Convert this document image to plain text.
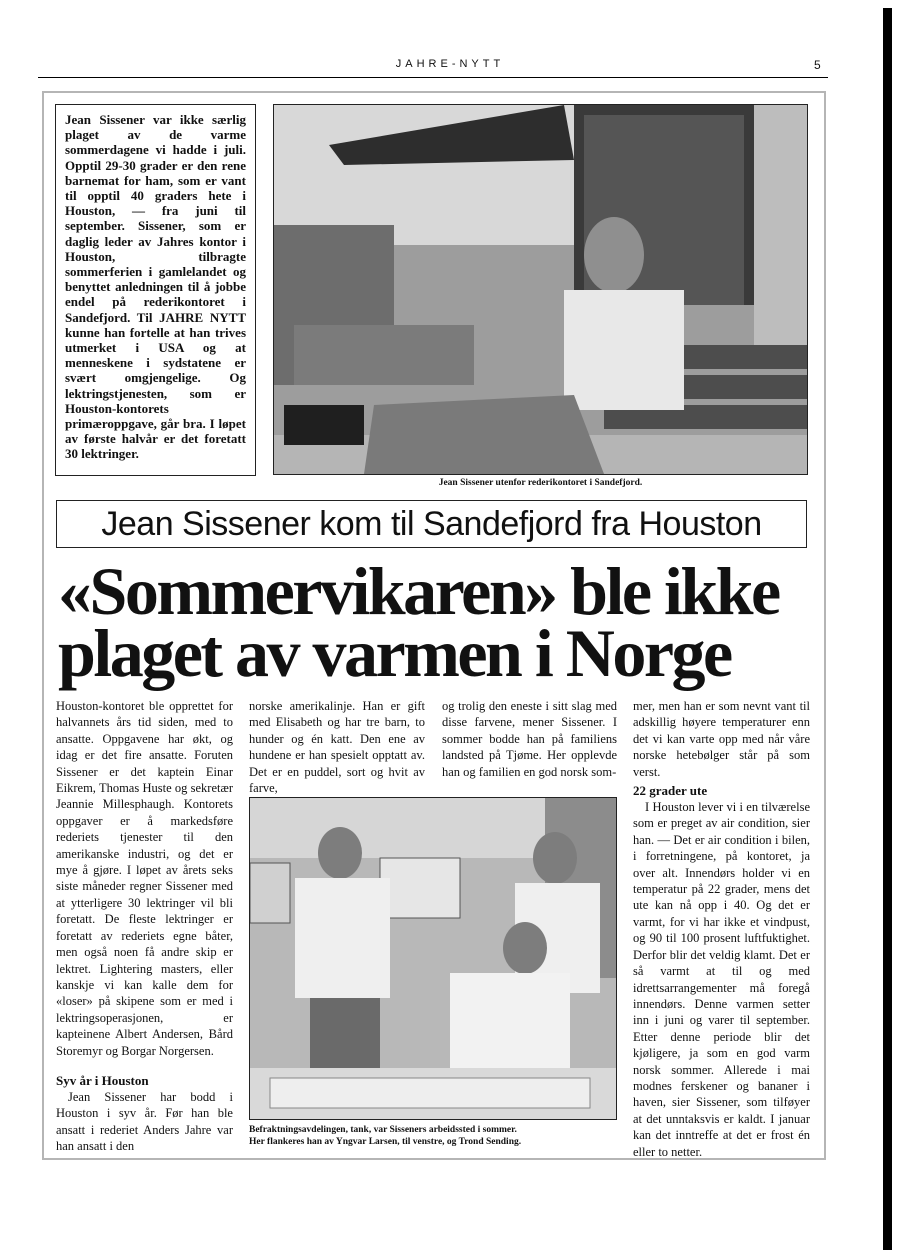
JAHRE-NYTT	5
Jean Sissener var ikke særlig plaget av de varme sommerdagene vi hadde i juli. Opptil 29-30 grader er den rene barnemat for ham, som er vant til opptil 40 graders hete i Houston, — fra juni til september. Sissener, som er daglig leder av Jahres kontor i Houston, tilbragte sommerferien i gamlelandet og benyttet anledningen til å jobbe endel på rederikontoret i Sandefjord. Til JAHRE NYTT kunne han fortelle at han trives utmerket i USA og at menneskene i sydstatene er svært omgjengelige. Og lektringstjenesten, som er Houston-kontorets primæroppgave, går bra. I løpet av første halvår er det foretatt 30 lektringer.
Jean Sissener utenfor rederikontoret i Sandefjord.
Jean Sissener kom til Sandefjord fra Houston
«Sommervikaren» ble ikke
plaget av varmen i Norge

Houston-kontoret ble opprettet for halvannets års tid siden, med to ansatte. Oppgavene har økt, og idag er det fire ansatte. Foruten Sissener er det kaptein Einar Eikrem, Thomas Huste og sekretær Jeannie Millesphaugh. Kontorets oppgaver er å markedsføre rederiets tjenester til den amerikanske industri, og det er mye å gjøre. I løpet av årets seks siste måneder regner Sissener med at ytterligere 30 lektringer vil bli foretatt. De fleste lektringer er foretatt av rederiets egne båter, men også noen få andre skip er lektret. Lightering masters, eller kanskje vi kan kalle dem for «loser» på skipene som er med i lektringsoperasjonen, er kapteinene Albert Andersen, Bård Storemyr og Borgar Norgersen.

Syv år i Houston

Jean Sissener har bodd i Houston i syv år. Før han ble ansatt i rederiet Anders Jahre var han ansatt i den

norske amerikalinje. Han er gift med Elisabeth og har tre barn, to hunder og én katt. Den ene av hundene er han spesielt opptatt av. Det er en puddel, sort og hvit av farve,

og trolig den eneste i sitt slag med disse farvene, mener Sissener. I sommer bodde han på familiens landsted på Tjøme. Her opplevde han og familien en god norsk som-

mer, men han er som nevnt vant til adskillig høyere temperaturer enn det vi kan varte opp med når våre norske hetebølger står på som verst.

22 grader ute

I Houston lever vi i en tilværelse som er preget av air condition, sier han. — Det er air condition i bilen, i forretningene, på kontoret, ja over alt. Innendørs holder vi en temperatur på 22 grader, mens det ute kan nå opp i 40. Og det er varmt, for vi har ikke et vindpust, og 90 til 100 prosent luftfuktighet. Derfor blir det veldig klamt. Det er så varmt at til og med idrettsarrangementer må foregå innendørs. Denne varmen setter inn i juni og varer til september. Etter denne periode blir det kjøligere, ja som en god varm norsk sommer. Allerede i mai modnes ferskener og bananer i haven, sier Sissener, som tilføyer at det unntaksvis er kaldt. I januar kan det inntreffe at det er frost én eller to netter.

Befraktningsavdelingen, tank, var Sisseners arbeidssted i sommer.
Her flankeres han av Yngvar Larsen, til venstre, og Trond Sending.
